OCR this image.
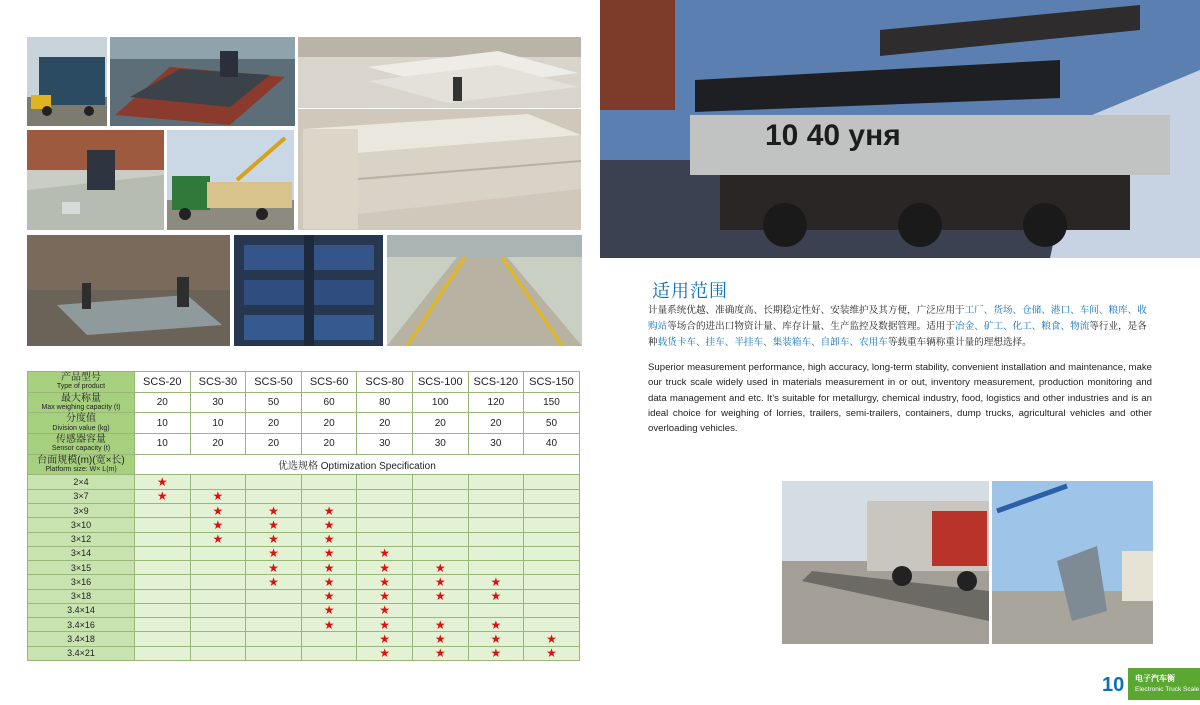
产品型号
Type of product	SCS-20	SCS-30	SCS-50	SCS-60	SCS-80	SCS-100	SCS-120	SCS-150

最大称量
Max weighing capacity (t)	20	30	50	60	80	100	120	150

分度值
Division value (kg)	10	10	20	20	20	20	20	50

传感器容量
Sensor capacity (t)	10	20	20	20	30	30	30	40

台面规模(m)(宽×长)
Platform size: W× L(m)	优选规格 Optimization Specification							
2×4	★							
3×7	★	★						
3×9		★	★	★				
3×10		★	★	★				
3×12		★	★	★				
3×14			★	★	★			
3×15			★	★	★	★		
3×16			★	★	★	★	★	
3×18				★	★	★	★	
3.4×14				★	★			
3.4×16				★	★	★	★	
3.4×18					★	★	★	★
3.4×21					★	★	★	★
10 40 уня
适用范围
计量系统优越、准确度高、长期稳定性好、安装维护及其方便，广泛应用于工厂、货场、仓储、港口、车间、粮库、收购站等场合的进出口物资计量、库存计量、生产监控及数据管理。适用于冶金、矿工、化工、粮食、物流等行业，是各种载货卡车、挂车、半挂车、集装箱车、自卸车、农用车等载重车辆称重计量的理想选择。
Superior measurement performance, high accuracy, long-term stability, convenient installation and maintenance, make our truck scale widely used in materials measurement in or out, inventory measurement, production monitoring and data management and etc. It’s suitable for metallurgy, chemical industry, food, logistics and other industries and is an ideal choice for weighing of lorries, trailers, semi-trailers, containers, dump trucks, agricultural vehicles and other overloading vehicles.
10 电子汽车衡
Electronic Truck Scale
